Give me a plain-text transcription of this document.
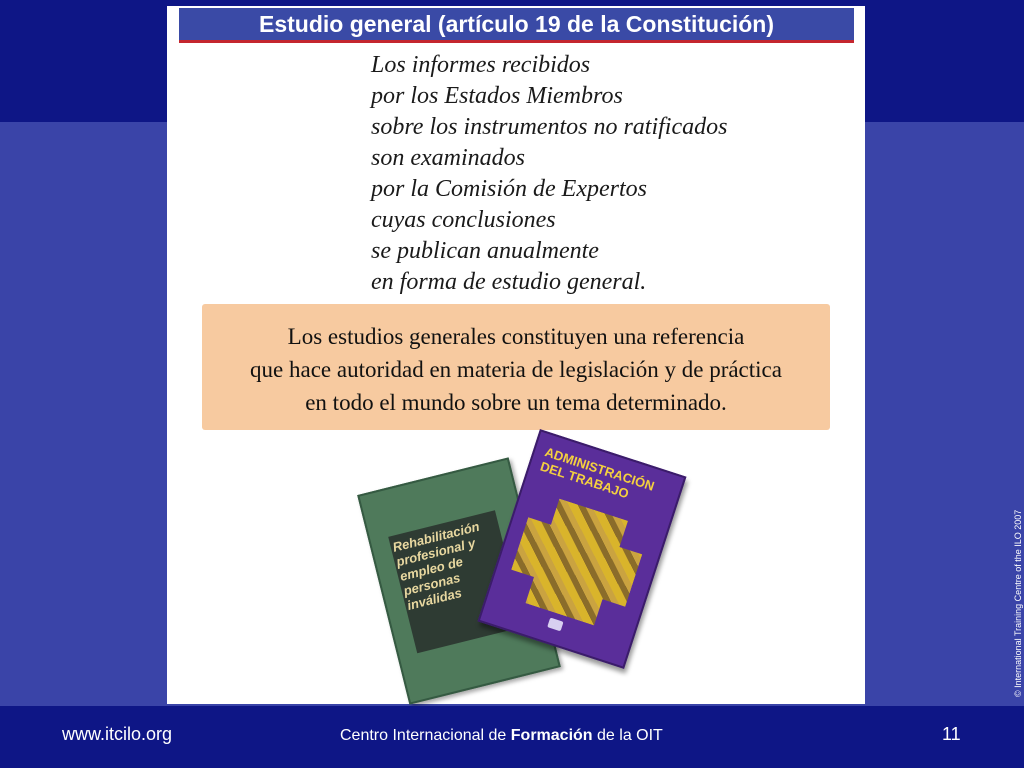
Estudio general (artículo 19 de la Constitución)
Los informes recibidos
por los Estados Miembros
sobre los instrumentos no ratificados
son examinados
por la Comisión de Expertos
cuyas conclusiones
se publican anualmente
en forma de estudio general.
Los estudios generales constituyen una referencia
que hace autoridad en materia de legislación y de práctica
en todo el mundo sobre un tema determinado.
Rehabilitación profesional y empleo de personas inválidas
ADMINISTRACIÓN DEL TRABAJO
© International Training Centre of the ILO 2007
www.itcilo.org	Centro Internacional de Formación de la OIT	11
